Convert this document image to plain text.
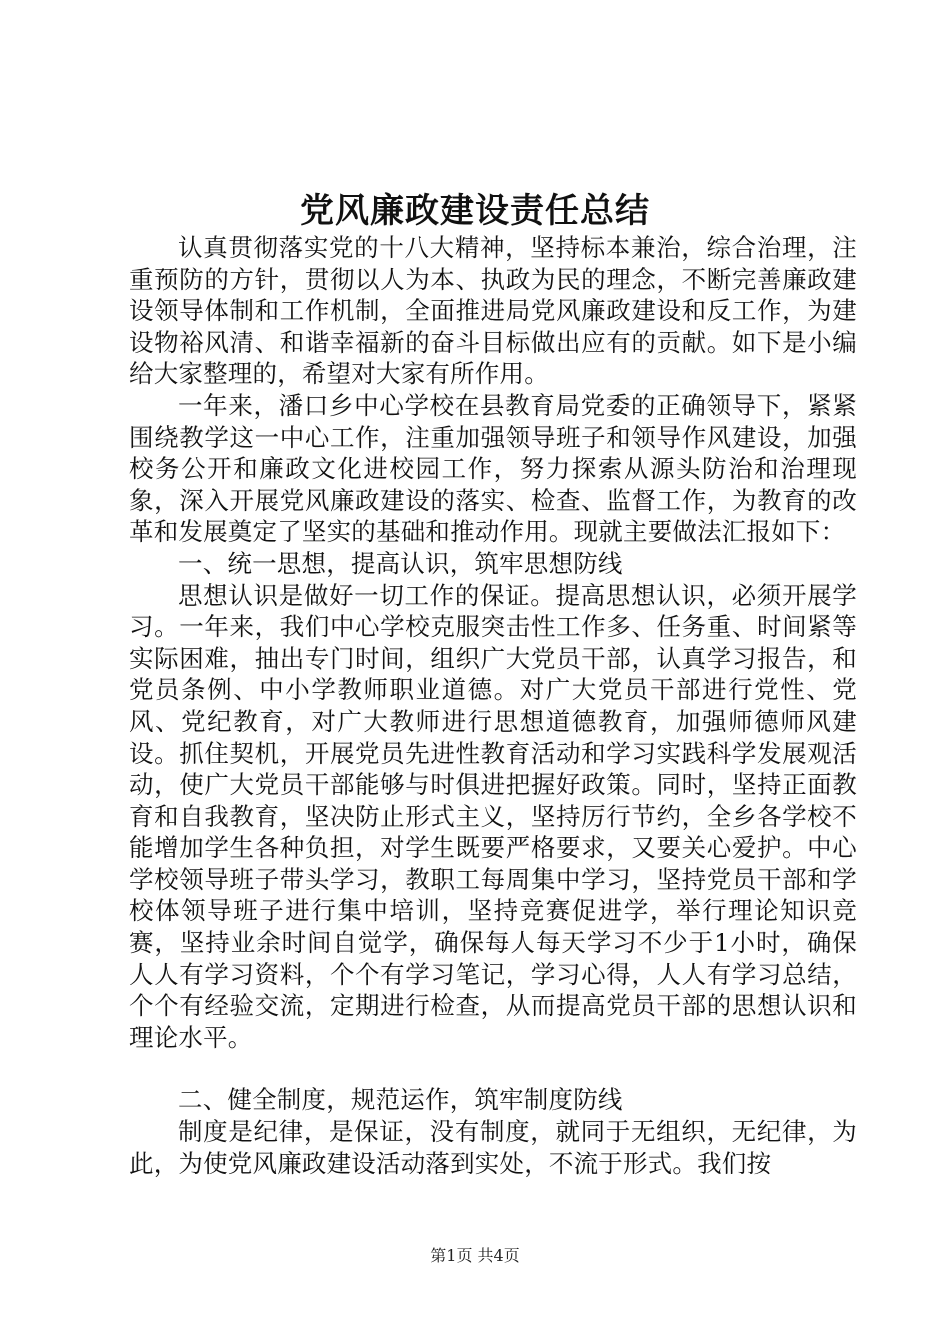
党风廉政建设责任总结

认真贯彻落实党的十八大精神，坚持标本兼治，综合治理，注重预防的方针，贯彻以人为本、执政为民的理念，不断完善廉政建设领导体制和工作机制，全面推进局党风廉政建设和反工作，为建设物裕风清、和谐幸福新的奋斗目标做出应有的贡献。如下是小编给大家整理的，希望对大家有所作用。

一年来，潘口乡中心学校在县教育局党委的正确领导下，紧紧围绕教学这一中心工作，注重加强领导班子和领导作风建设，加强校务公开和廉政文化进校园工作，努力探索从源头防治和治理现象，深入开展党风廉政建设的落实、检查、监督工作，为教育的改革和发展奠定了坚实的基础和推动作用。现就主要做法汇报如下：

一、统一思想，提高认识，筑牢思想防线

思想认识是做好一切工作的保证。提高思想认识，必须开展学习。一年来，我们中心学校克服突击性工作多、任务重、时间紧等实际困难，抽出专门时间，组织广大党员干部，认真学习报告，和党员条例、中小学教师职业道德。对广大党员干部进行党性、党风、党纪教育，对广大教师进行思想道德教育，加强师德师风建设。抓住契机，开展党员先进性教育活动和学习实践科学发展观活动，使广大党员干部能够与时俱进把握好政策。同时，坚持正面教育和自我教育，坚决防止形式主义，坚持厉行节约，全乡各学校不能增加学生各种负担，对学生既要严格要求，又要关心爱护。中心学校领导班子带头学习，教职工每周集中学习，坚持党员干部和学校体领导班子进行集中培训，坚持竞赛促进学，举行理论知识竞赛，坚持业余时间自觉学，确保每人每天学习不少于1小时，确保人人有学习资料，个个有学习笔记，学习心得，人人有学习总结，个个有经验交流，定期进行检查，从而提高党员干部的思想认识和理论水平。

二、健全制度，规范运作，筑牢制度防线

制度是纪律，是保证，没有制度，就同于无组织，无纪律，为此，为使党风廉政建设活动落到实处，不流于形式。我们按

第1页 共4页
